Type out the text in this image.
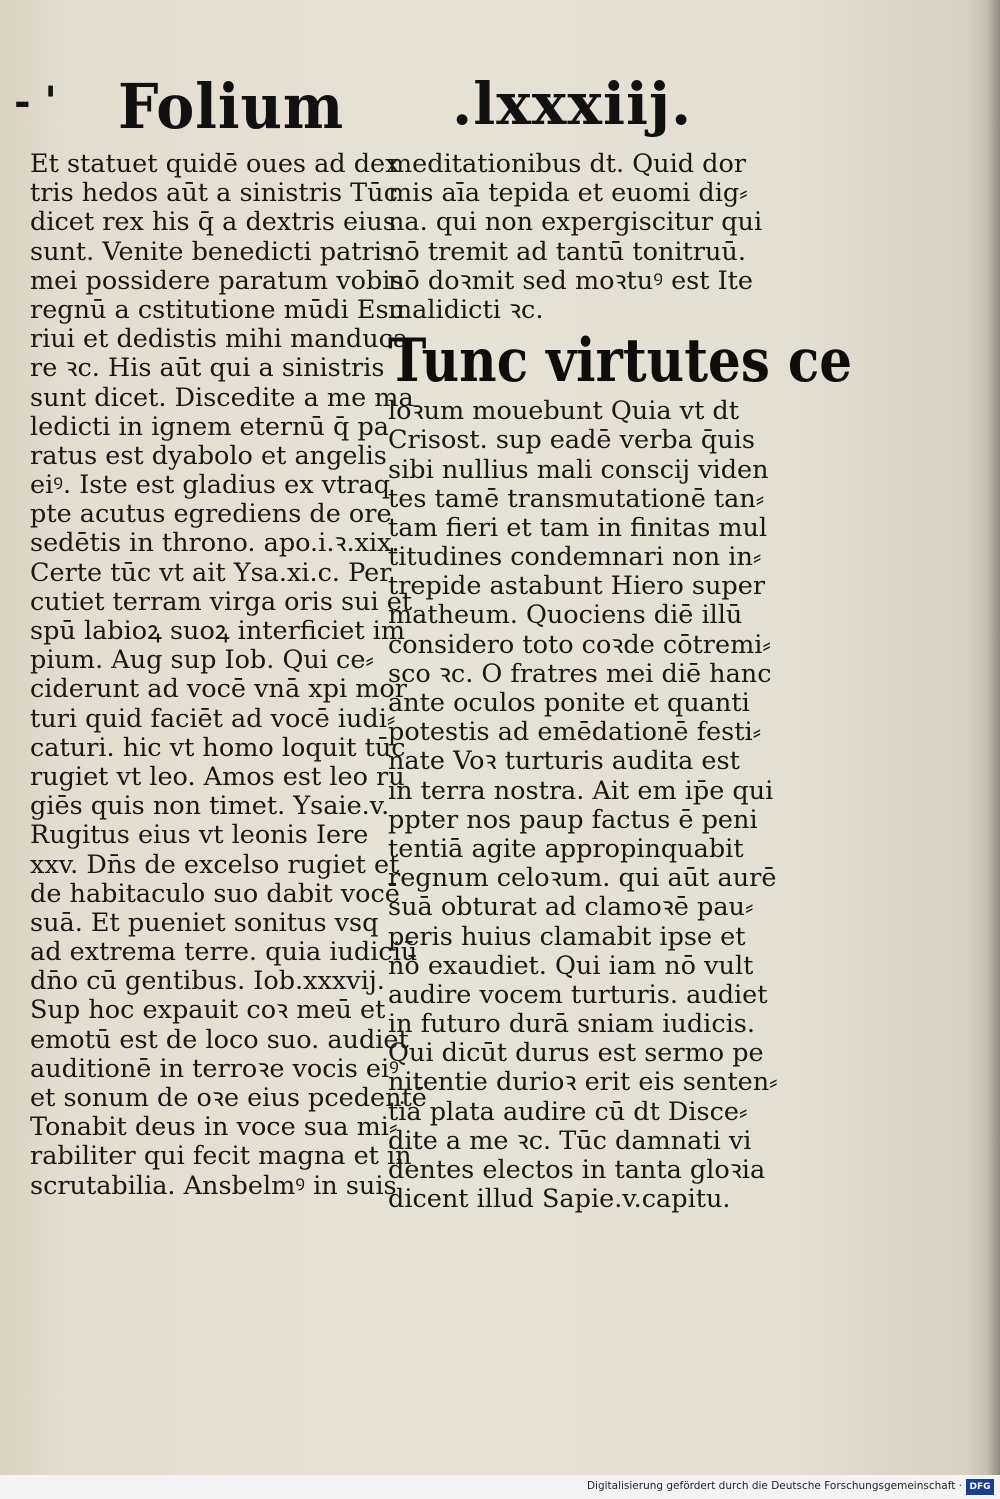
- ' Folium .lxxxiij.
Et statuet quidē oues ad dex
tris hedos aūt a sinistris Tūc
dicet rex his q̄ a dextris eius
sunt. Venite benedicti patris
mei possidere paratum vobis
regnū a cstitutione mūdi Esu
riui et dedistis mihi manduca
re ꝛc. His aūt qui a sinistris
sunt dicet. Discedite a me ma
ledicti in ignem eternū q̄ pa
ratus est dyabolo et angelis
eiꝰ. Iste est gladius ex vtraq
pte acutus egrediens de ore
sedētis in throno. apo.i.ꝛ.xix.
Certe tūc vt ait Ysa.xi.c. Per
cutiet terram virga oris sui et
spū labioꝝ suoꝝ interficiet im
pium. Aug sup Iob. Qui ce⸗
ciderunt ad vocē vnā xpi mor
turi quid faciēt ad vocē iudi⸗
caturi. hic vt homo loquit tūc
rugiet vt leo. Amos est leo ru
giēs quis non timet. Ysaie.v.
Rugitus eius vt leonis Iere
xxv. Dn̄s de excelso rugiet et
de habitaculo suo dabit vocē
suā. Et pueniet sonitus vsq
ad extrema terre. quia iudiciū
dn̄o cū gentibus. Iob.xxxvij.
Sup hoc expauit coꝛ meū et
emotū est de loco suo. audiet
auditionē in terroꝛe vocis eiꝰ
et sonum de oꝛe eius pcedentē
Tonabit deus in voce sua mi⸗
rabiliter qui fecit magna et in
scrutabilia. Ansbelmꝰ in suis
meditationibus dt. Quid dor
mis aīa tepida et euomi dig⸗
na. qui non expergiscitur qui
nō tremit ad tantū tonitruū.
nō doꝛmit sed moꝛtuꝰ est Ite
malidicti ꝛc.
Tunc virtutes ce
loꝛum mouebunt Quia vt dt
Crisost. sup eadē verba q̄uis
sibi nullius mali conscij viden
tes tamē transmutationē tan⸗
tam fieri et tam in finitas mul
titudines condemnari non in⸗
trepide astabunt Hiero super
matheum. Quociens diē illū
considero toto coꝛde cōtremi⸗
sco ꝛc. O fratres mei diē hanc
ante oculos ponite et quanti
potestis ad emēdationē festi⸗
nate Voꝛ turturis audita est
in terra nostra. Ait em ip̄e qui
ppter nos paup factus ē peni
tentiā agite appropinquabit
regnum celoꝛum. qui aūt aurē
suā obturat ad clamoꝛē pau⸗
peris huius clamabit ipse et
nō exaudiet. Qui iam nō vult
audire vocem turturis. audiet
in futuro durā sniam iudicis.
Qui dicūt durus est sermo pe
nitentie durioꝛ erit eis senten⸗
tia plata audire cū dt Disce⸗
dite a me ꝛc. Tūc damnati vi
dentes electos in tanta gloꝛia
dicent illud Sapie.v.capitu.
Digitalisierung gefördert durch die Deutsche Forschungsgemeinschaft · DFG
